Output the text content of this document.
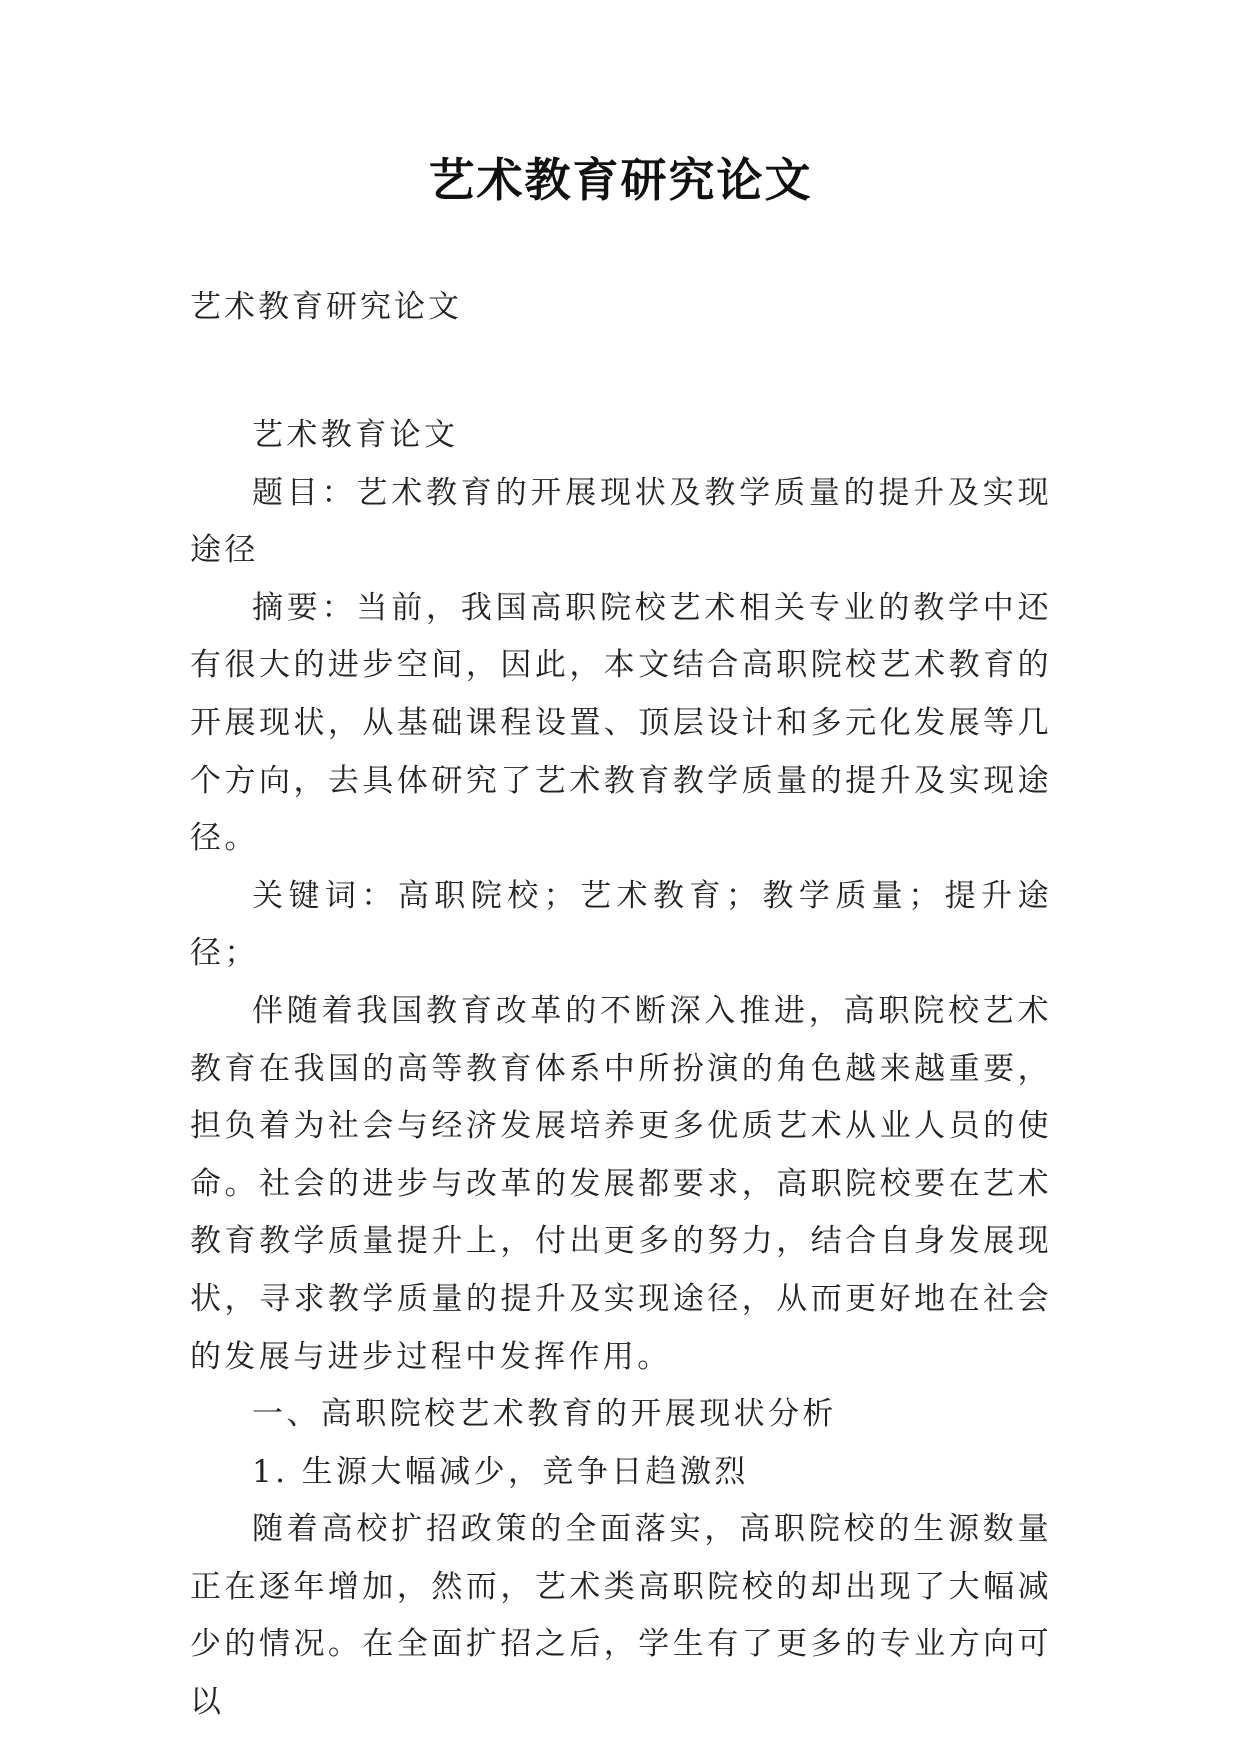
艺术教育研究论文
艺术教育研究论文

艺术教育论文

题目：艺术教育的开展现状及教学质量的提升及实现途径

摘要：当前，我国高职院校艺术相关专业的教学中还有很大的进步空间，因此，本文结合高职院校艺术教育的开展现状，从基础课程设置、顶层设计和多元化发展等几个方向，去具体研究了艺术教育教学质量的提升及实现途径。

关键词：高职院校；艺术教育；教学质量；提升途径；

伴随着我国教育改革的不断深入推进，高职院校艺术教育在我国的高等教育体系中所扮演的角色越来越重要，担负着为社会与经济发展培养更多优质艺术从业人员的使命。社会的进步与改革的发展都要求，高职院校要在艺术教育教学质量提升上，付出更多的努力，结合自身发展现状，寻求教学质量的提升及实现途径，从而更好地在社会的发展与进步过程中发挥作用。

一、高职院校艺术教育的开展现状分析

1. 生源大幅减少，竞争日趋激烈

随着高校扩招政策的全面落实，高职院校的生源数量正在逐年增加，然而，艺术类高职院校的却出现了大幅减少的情况。在全面扩招之后，学生有了更多的专业方向可以
